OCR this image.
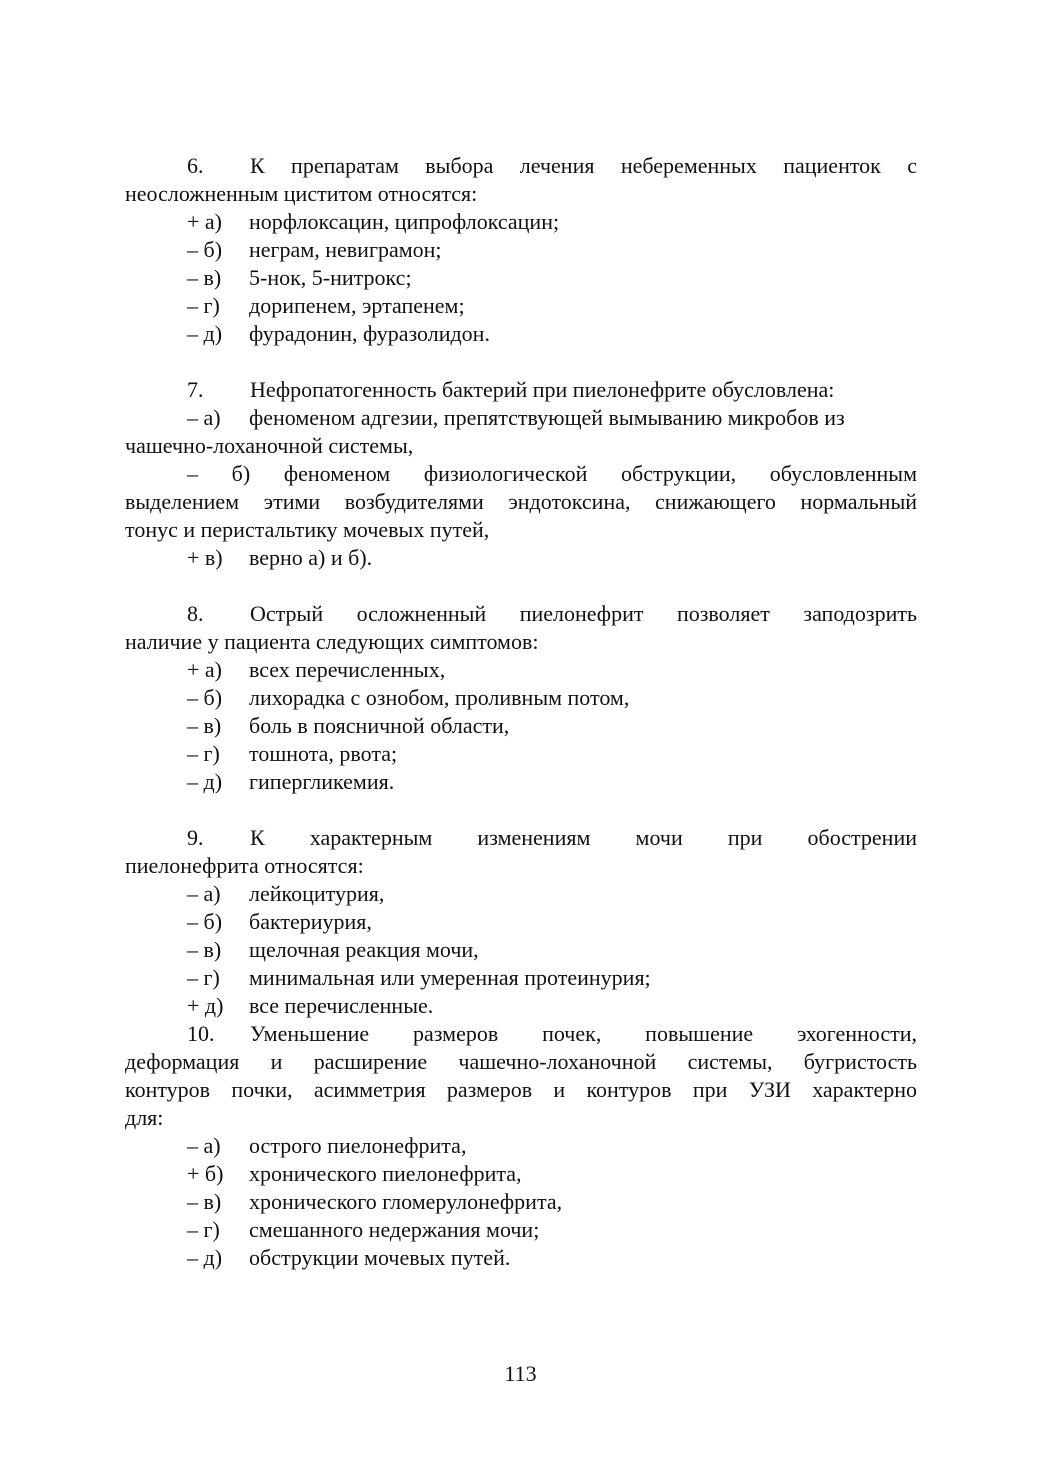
6. К препаратам выбора лечения небеременных пациенток с
неосложненным циститом относятся:
+ а) норфлоксацин, ципрофлоксацин;
– б) неграм, невиграмон;
– в) 5-нок, 5-нитрокс;
– г) дорипенем, эртапенем;
– д) фурадонин, фуразолидон.
7. Нефропатогенность бактерий при пиелонефрите обусловлена:
– а) феноменом адгезии, препятствующей вымыванию микробов из
чашечно-лоханочной системы,
– б) феноменом физиологической обструкции, обусловленным
выделением этими возбудителями эндотоксина, снижающего нормальный
тонус и перистальтику мочевых путей,
+ в) верно а) и б).
8. Острый осложненный пиелонефрит позволяет заподозрить
наличие у пациента следующих симптомов:
+ а) всех перечисленных,
– б) лихорадка с ознобом, проливным потом,
– в) боль в поясничной области,
– г) тошнота, рвота;
– д) гипергликемия.
9. К характерным изменениям мочи при обострении
пиелонефрита относятся:
– а) лейкоцитурия,
– б) бактериурия,
– в) щелочная реакция мочи,
– г) минимальная или умеренная протеинурия;
+ д) все перечисленные.
10. Уменьшение размеров почек, повышение эхогенности,
деформация и расширение чашечно-лоханочной системы, бугристость
контуров почки, асимметрия размеров и контуров при УЗИ характерно
для:
– а) острого пиелонефрита,
+ б) хронического пиелонефрита,
– в) хронического гломерулонефрита,
– г) смешанного недержания мочи;
– д) обструкции мочевых путей.
113
